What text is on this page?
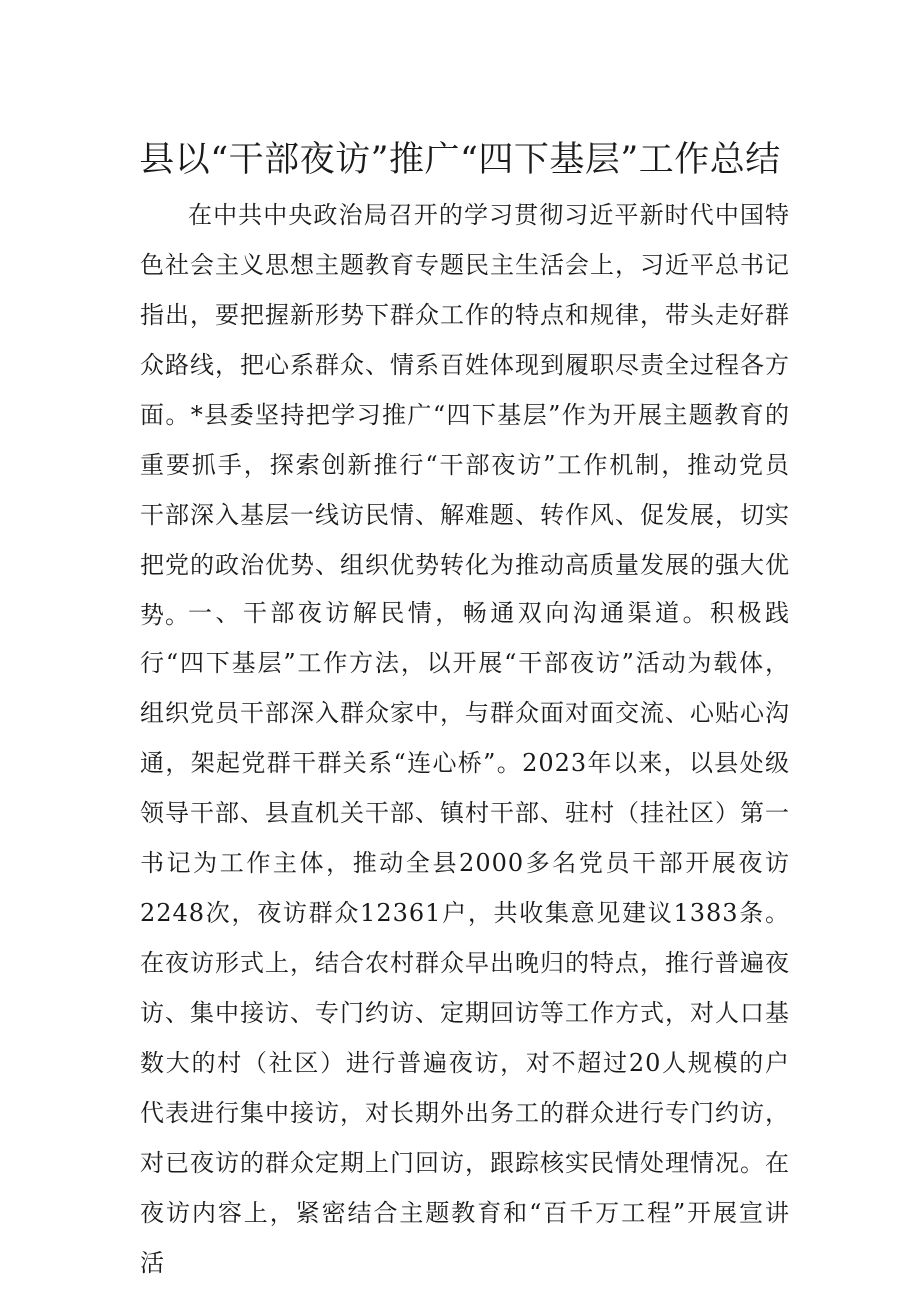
县以“干部夜访”推广“四下基层”工作总结

在中共中央政治局召开的学习贯彻习近平新时代中国特色社会主义思想主题教育专题民主生活会上，习近平总书记指出，要把握新形势下群众工作的特点和规律，带头走好群众路线，把心系群众、情系百姓体现到履职尽责全过程各方面。*县委坚持把学习推广“四下基层”作为开展主题教育的重要抓手，探索创新推行“干部夜访”工作机制，推动党员干部深入基层一线访民情、解难题、转作风、促发展，切实把党的政治优势、组织优势转化为推动高质量发展的强大优势。

一、干部夜访解民情，畅通双向沟通渠道。积极践行“四下基层”工作方法，以开展“干部夜访”活动为载体，组织党员干部深入群众家中，与群众面对面交流、心贴心沟通，架起党群干群关系“连心桥”。2023年以来，以县处级领导干部、县直机关干部、镇村干部、驻村（挂社区）第一书记为工作主体，推动全县2000多名党员干部开展夜访2248次，夜访群众12361户，共收集意见建议1383条。在夜访形式上，结合农村群众早出晚归的特点，推行普遍夜访、集中接访、专门约访、定期回访等工作方式，对人口基数大的村（社区）进行普遍夜访，对不超过20人规模的户代表进行集中接访，对长期外出务工的群众进行专门约访，对已夜访的群众定期上门回访，跟踪核实民情处理情况。在夜访内容上，紧密结合主题教育和“百千万工程”开展宣讲活
